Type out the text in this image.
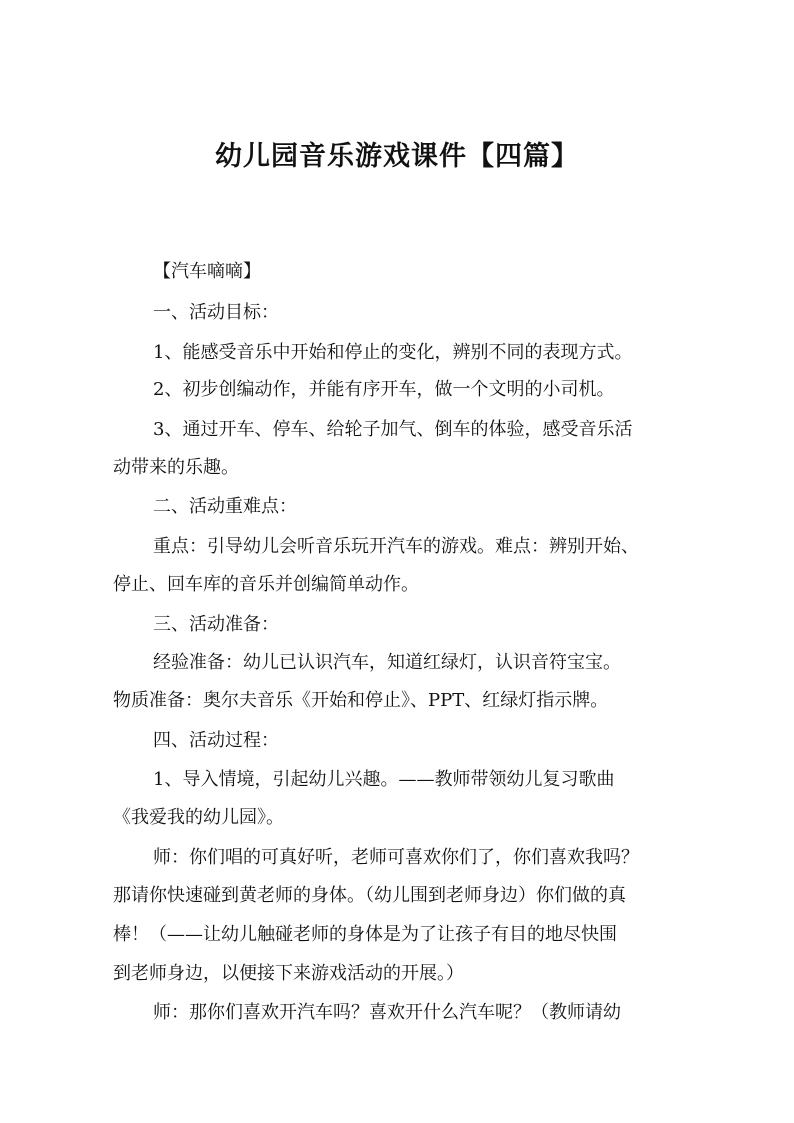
幼儿园音乐游戏课件【四篇】
【汽车嘀嘀】
一、活动目标：
1、能感受音乐中开始和停止的变化，辨别不同的表现方式。
2、初步创编动作，并能有序开车，做一个文明的小司机。
3、通过开车、停车、给轮子加气、倒车的体验，感受音乐活
动带来的乐趣。
二、活动重难点：
重点：引导幼儿会听音乐玩开汽车的游戏。难点：辨别开始、
停止、回车库的音乐并创编简单动作。
三、活动准备：
经验准备：幼儿已认识汽车，知道红绿灯，认识音符宝宝。
物质准备：奥尔夫音乐《开始和停止》、PPT、红绿灯指示牌。
四、活动过程：
1、导入情境，引起幼儿兴趣。——教师带领幼儿复习歌曲
《我爱我的幼儿园》。
师：你们唱的可真好听，老师可喜欢你们了，你们喜欢我吗？
那请你快速碰到黄老师的身体。（幼儿围到老师身边）你们做的真
棒！（——让幼儿触碰老师的身体是为了让孩子有目的地尽快围
到老师身边，以便接下来游戏活动的开展。）
师：那你们喜欢开汽车吗？喜欢开什么汽车呢？（教师请幼
